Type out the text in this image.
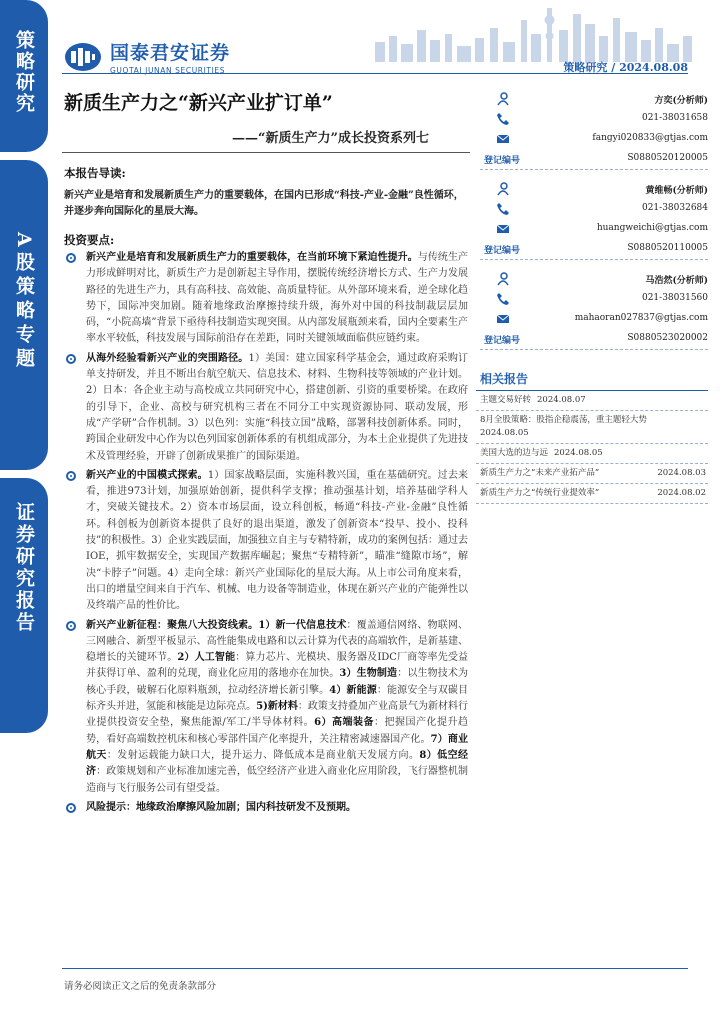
策略研究
A股策略专题
证券研究报告
国泰君安证券
GUOTAI JUNAN SECURITIES	策略研究 / 2024.08.08
新质生产力之“新兴产业扩订单”
——“新质生产力”成长投资系列七
方奕(分析师)
021-38031658
fangyi020833@gtjas.com
登记编号	S0880520120005
黄维畅(分析师)
021-38032684
huangweichi@gtjas.com
登记编号	S0880520110005
马浩然(分析师)
021-38031560
mahaoran027837@gtjas.com
登记编号	S0880523020002
相关报告
主题交易好转 2024.08.07
8月全股策略：股指企稳震荡，重主题轻大势
2024.08.05
美国大选的边与远 2024.08.05
新质生产力之“未来产业拓产品”	2024.08.03
新质生产力之“传统行业提效率”	2024.08.02
本报告导读:
新兴产业是培育和发展新质生产力的重要载体，在国内已形成“科技-产业-金融”良性循环，并逐步奔向国际化的星辰大海。
投资要点:
新兴产业是培育和发展新质生产力的重要载体，在当前环境下紧迫性提升。与传统生产力形成鲜明对比，新质生产力是创新起主导作用，摆脱传统经济增长方式、生产力发展路径的先进生产力，具有高科技、高效能、高质量特征。从外部环境来看，逆全球化趋势下，国际冲突加剧。随着地缘政治摩擦持续升级，海外对中国的科技制裁层层加码，“小院高墙”背景下亟待科技制造实现突围。从内部发展瓶颈来看，国内全要素生产率水平较低，科技发展与国际前沿存在差距，同时关键领域面临供应链约束。
从海外经验看新兴产业的突围路径。1）美国：建立国家科学基金会，通过政府采购订单支持研发，并且不断出台航空航天、信息技术、材料、生物科技等领域的产业计划。2）日本：各企业主动与高校成立共同研究中心，搭建创新、引资的重要桥梁。在政府的引导下，企业、高校与研究机构三者在不同分工中实现资源协同、联动发展，形成“产学研”合作机制。3）以色列：实施“科技立国”战略，部署科技创新体系。同时，跨国企业研发中心作为以色列国家创新体系的有机组成部分，为本土企业提供了先进技术及管理经验，开辟了创新成果推广的国际渠道。
新兴产业的中国模式探索。1）国家战略层面，实施科教兴国，重在基础研究。过去来看，推进973计划，加强原始创新，提供科学支撑；推动强基计划，培养基础学科人才，突破关键技术。2）资本市场层面，设立科创板，畅通“科技-产业-金融”良性循环。科创板为创新资本提供了良好的退出渠道，激发了创新资本“投早、投小、投科技”的积极性。3）企业实践层面，加强独立自主与专精特新，成功的案例包括：通过去IOE，抓牢数据安全，实现国产数据库崛起；聚焦“专精特新”，瞄准“缝隙市场”，解决“卡脖子”问题。4）走向全球：新兴产业国际化的星辰大海。从上市公司角度来看，出口的增量空间来自于汽车、机械、电力设备等制造业，体现在新兴产业的产能弹性以及终端产品的性价比。
新兴产业新征程：聚焦八大投资线索。1）新一代信息技术：覆盖通信网络、物联网、三网融合、新型平板显示、高性能集成电路和以云计算为代表的高端软件，是新基建、稳增长的关键环节。2）人工智能：算力芯片、光模块、服务器及IDC厂商等率先受益并获得订单、盈利的兑现，商业化应用的落地亦在加快。3）生物制造：以生物技术为核心手段，破解石化原料瓶颈，拉动经济增长新引擎。4）新能源：能源安全与双碳目标齐头并进，氢能和核能是边际亮点。5)新材料：政策支持叠加产业高景气为新材料行业提供投资安全垫，聚焦能源/军工/半导体材料。6）高端装备：把握国产化提升趋势，看好高端数控机床和核心零部件国产化率提升，关注精密减速器国产化。7）商业航天：发射运载能力缺口大，提升运力、降低成本是商业航天发展方向。8）低空经济：政策规划和产业标准加速完善，低空经济产业进入商业化应用阶段，飞行器整机制造商与飞行服务公司有望受益。
风险提示：地缘政治摩擦风险加剧；国内科技研发不及预期。
请务必阅读正文之后的免责条款部分
